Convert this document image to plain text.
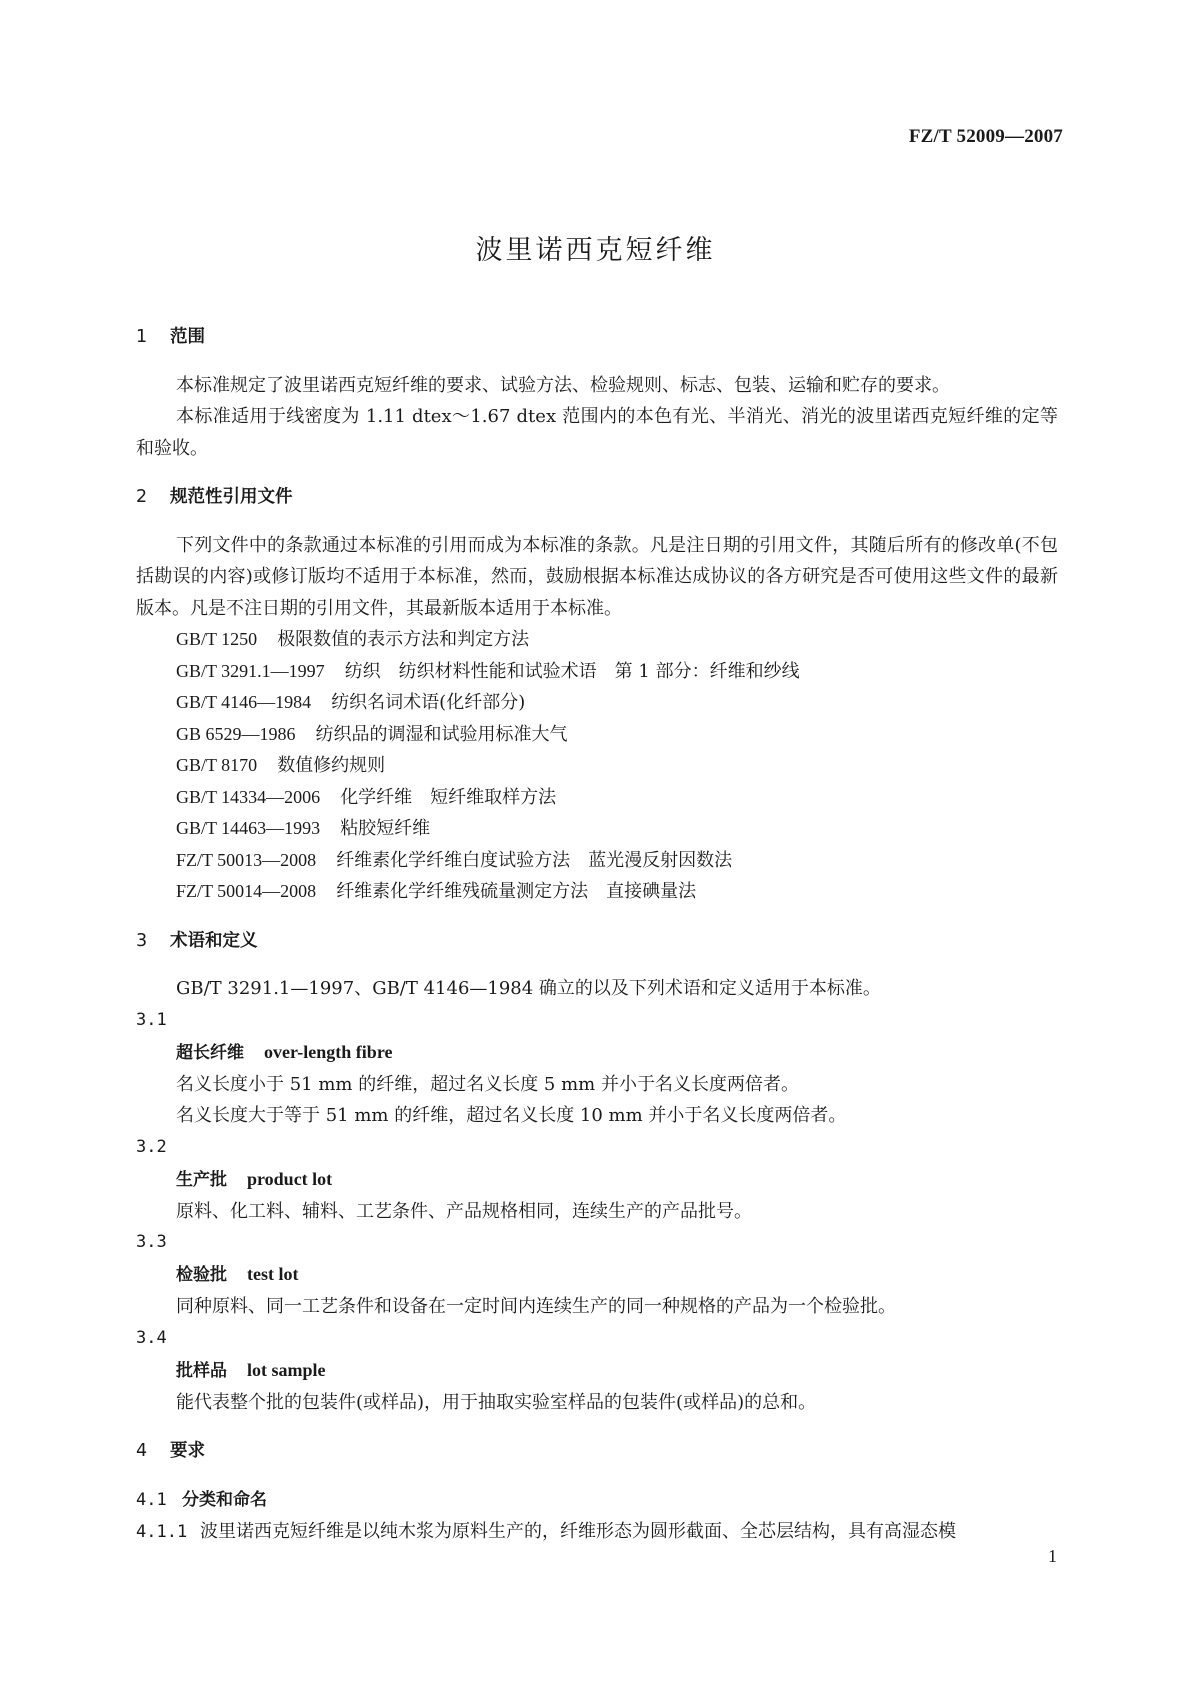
FZ/T 52009—2007
波里诺西克短纤维

1 范围

本标准规定了波里诺西克短纤维的要求、试验方法、检验规则、标志、包装、运输和贮存的要求。

本标准适用于线密度为 1.11 dtex～1.67 dtex 范围内的本色有光、半消光、消光的波里诺西克短纤维的定等和验收。

2 规范性引用文件

下列文件中的条款通过本标准的引用而成为本标准的条款。凡是注日期的引用文件，其随后所有的修改单(不包括勘误的内容)或修订版均不适用于本标准，然而，鼓励根据本标准达成协议的各方研究是否可使用这些文件的最新版本。凡是不注日期的引用文件，其最新版本适用于本标准。

GB/T 1250 极限数值的表示方法和判定方法

GB/T 3291.1—1997 纺织　纺织材料性能和试验术语　第 1 部分：纤维和纱线

GB/T 4146—1984 纺织名词术语(化纤部分)

GB 6529—1986 纺织品的调湿和试验用标准大气

GB/T 8170 数值修约规则

GB/T 14334—2006 化学纤维　短纤维取样方法

GB/T 14463—1993 粘胶短纤维

FZ/T 50013—2008 纤维素化学纤维白度试验方法　蓝光漫反射因数法

FZ/T 50014—2008 纤维素化学纤维残硫量测定方法　直接碘量法

3 术语和定义

GB/T 3291.1—1997、GB/T 4146—1984 确立的以及下列术语和定义适用于本标准。

3.1

超长纤维 over-length fibre

名义长度小于 51 mm 的纤维，超过名义长度 5 mm 并小于名义长度两倍者。

名义长度大于等于 51 mm 的纤维，超过名义长度 10 mm 并小于名义长度两倍者。

3.2

生产批 product lot

原料、化工料、辅料、工艺条件、产品规格相同，连续生产的产品批号。

3.3

检验批 test lot

同种原料、同一工艺条件和设备在一定时间内连续生产的同一种规格的产品为一个检验批。

3.4

批样品 lot sample

能代表整个批的包装件(或样品)，用于抽取实验室样品的包装件(或样品)的总和。

4 要求

4.1 分类和命名

4.1.1 波里诺西克短纤维是以纯木浆为原料生产的，纤维形态为圆形截面、全芯层结构，具有高湿态模

1
